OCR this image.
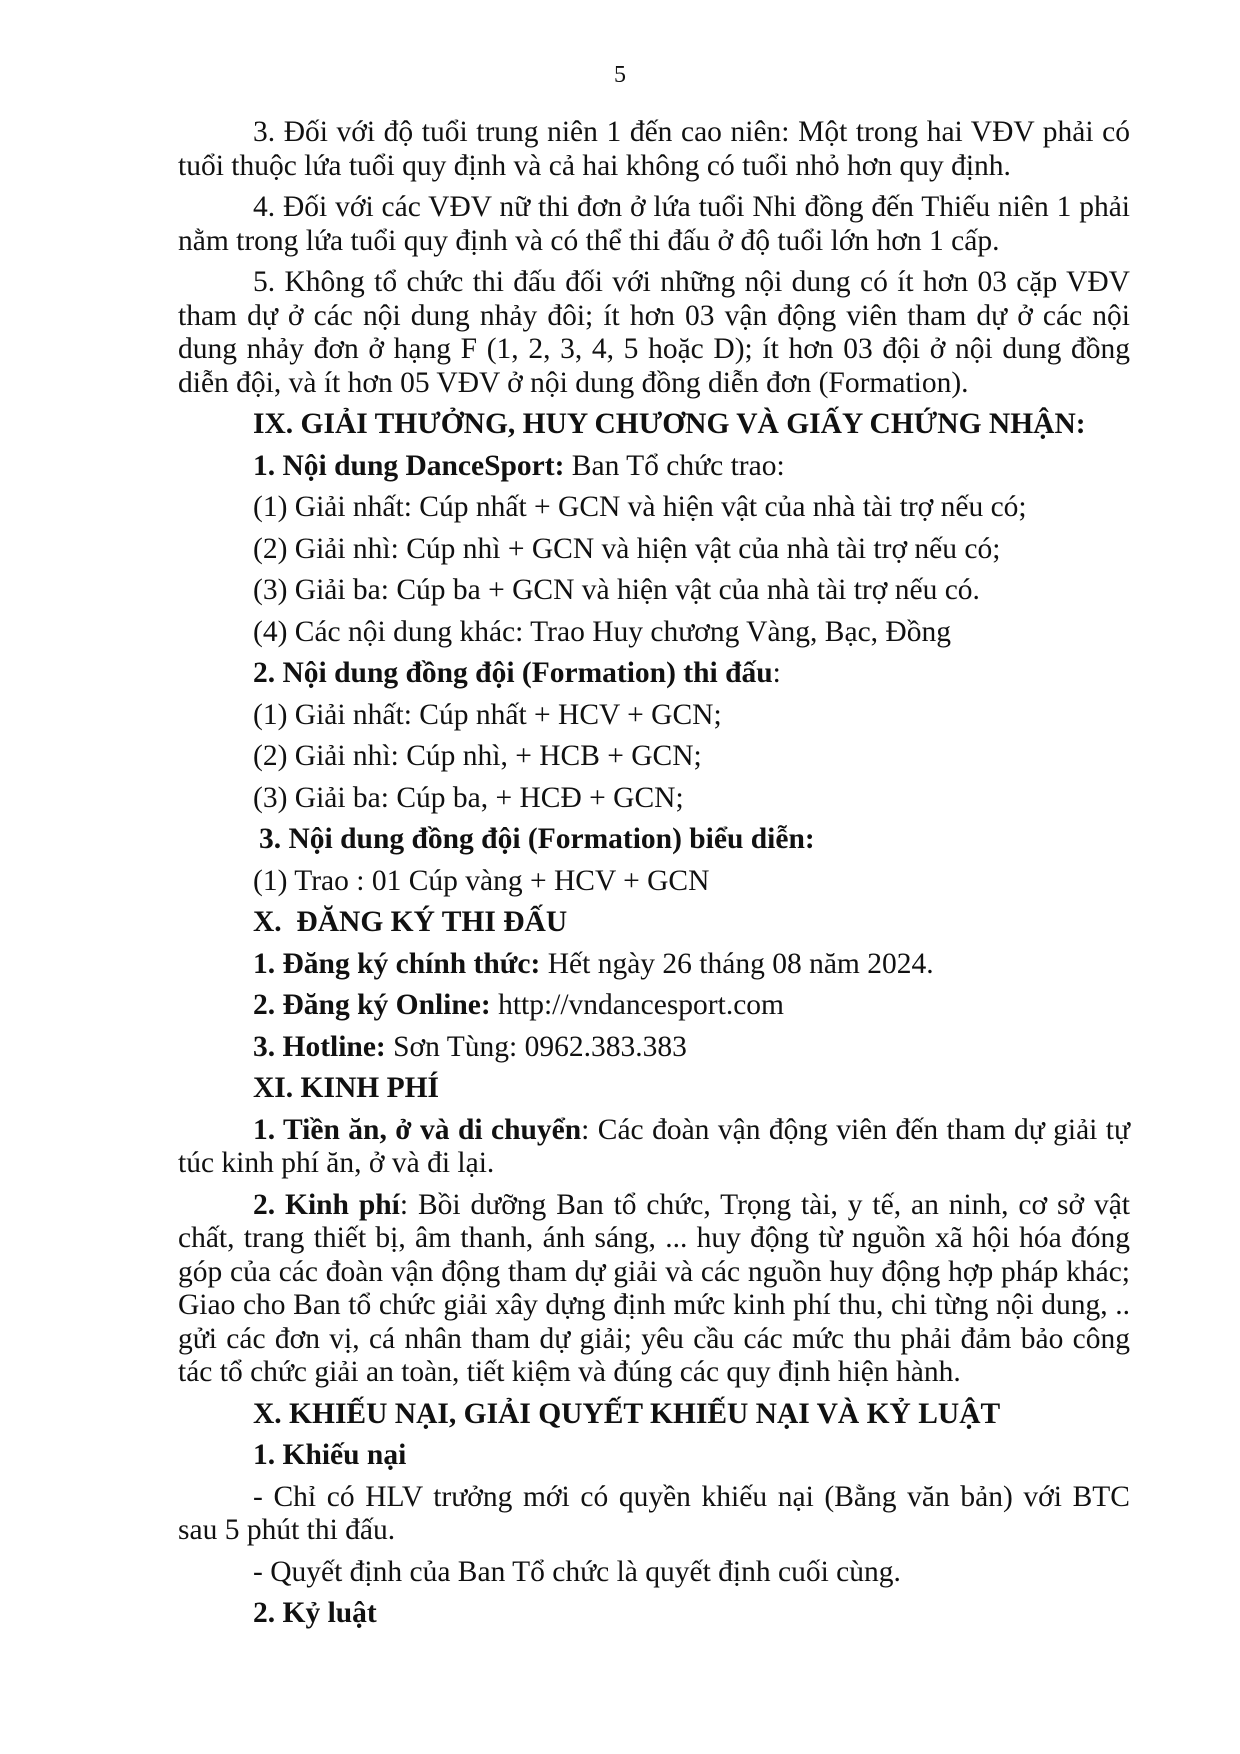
5
3. Đối với độ tuổi trung niên 1 đến cao niên: Một trong hai VĐV phải có tuổi thuộc lứa tuổi quy định và cả hai không có tuổi nhỏ hơn quy định.
4. Đối với các VĐV nữ thi đơn ở lứa tuổi Nhi đồng đến Thiếu niên 1 phải nằm trong lứa tuổi quy định và có thể thi đấu ở độ tuổi lớn hơn 1 cấp.
5. Không tổ chức thi đấu đối với những nội dung có ít hơn 03 cặp VĐV tham dự ở các nội dung nhảy đôi; ít hơn 03 vận động viên tham dự ở các nội dung nhảy đơn ở hạng F (1, 2, 3, 4, 5 hoặc D); ít hơn 03 đội ở nội dung đồng diễn đội, và ít hơn 05 VĐV ở nội dung đồng diễn đơn (Formation).
IX. GIẢI THƯỞNG, HUY CHƯƠNG VÀ GIẤY CHỨNG NHẬN:
1. Nội dung DanceSport: Ban Tổ chức trao:
(1) Giải nhất: Cúp nhất + GCN và hiện vật của nhà tài trợ nếu có;
(2) Giải nhì: Cúp nhì + GCN và hiện vật của nhà tài trợ nếu có;
(3) Giải ba: Cúp ba + GCN và hiện vật của nhà tài trợ nếu có.
(4) Các nội dung khác: Trao Huy chương Vàng, Bạc, Đồng
2. Nội dung đồng đội (Formation) thi đấu:
(1) Giải nhất: Cúp nhất + HCV + GCN;
(2) Giải nhì: Cúp nhì, + HCB + GCN;
(3) Giải ba: Cúp ba, + HCĐ + GCN;
3. Nội dung đồng đội (Formation) biểu diễn:
(1) Trao : 01 Cúp vàng + HCV + GCN
X.  ĐĂNG KÝ THI ĐẤU
1. Đăng ký chính thức: Hết ngày 26 tháng 08 năm 2024.
2. Đăng ký Online: http://vndancesport.com
3. Hotline: Sơn Tùng: 0962.383.383
XI. KINH PHÍ
1. Tiền ăn, ở và di chuyển: Các đoàn vận động viên đến tham dự giải tự túc kinh phí ăn, ở và đi lại.
2. Kinh phí: Bồi dưỡng Ban tổ chức, Trọng tài, y tế, an ninh, cơ sở vật chất, trang thiết bị, âm thanh, ánh sáng, ... huy động từ nguồn xã hội hóa đóng góp của các đoàn vận động tham dự giải và các nguồn huy động hợp pháp khác; Giao cho Ban tổ chức giải xây dựng định mức kinh phí thu, chi từng nội dung, .. gửi các đơn vị, cá nhân tham dự giải; yêu cầu các mức thu phải đảm bảo công tác tổ chức giải an toàn, tiết kiệm và đúng các quy định hiện hành.
X. KHIẾU NẠI, GIẢI QUYẾT KHIẾU NẠI VÀ KỶ LUẬT
1. Khiếu nại
- Chỉ có HLV trưởng mới có quyền khiếu nại (Bằng văn bản) với BTC sau 5 phút thi đấu.
- Quyết định của Ban Tổ chức là quyết định cuối cùng.
2. Kỷ luật
